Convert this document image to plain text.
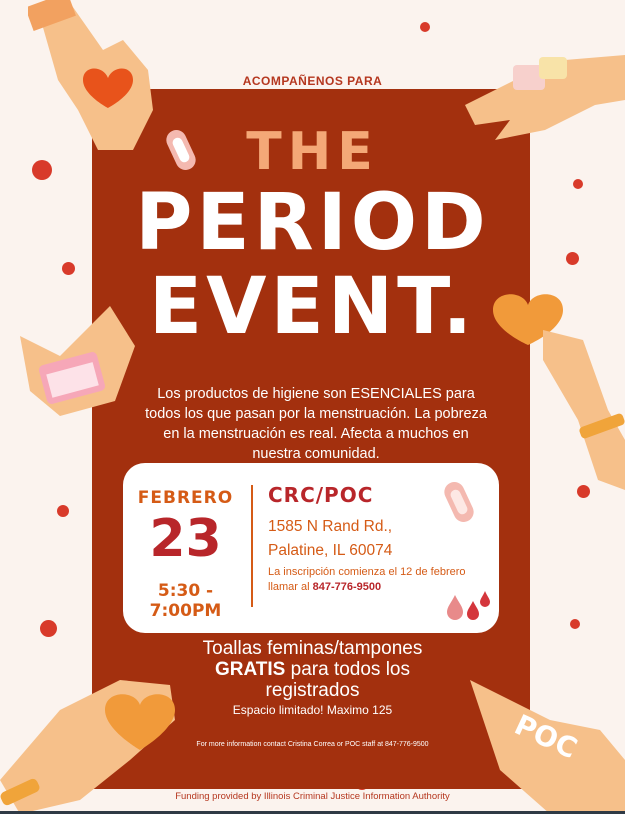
ACOMPAÑENOS PARA
THE
PERIOD
EVENT.
Los productos de higiene son ESENCIALES para todos los que pasan por la menstruación. La pobreza en la menstruación es real. Afecta a muchos en nuestra comunidad.
FEBRERO
23
5:30 -
7:00PM
CRC/POC
1585 N Rand Rd.,
Palatine, IL 60074
La inscripción comienza el 12 de febrero llamar al 847-776-9500
Toallas feminas/tampones
GRATIS para todos los
registrados
Espacio limitado! Maximo 125
For more information contact Cristina Correa or POC staff at 847-776-9500
Funding provided by Illinois Criminal Justice Information Authority
POC
